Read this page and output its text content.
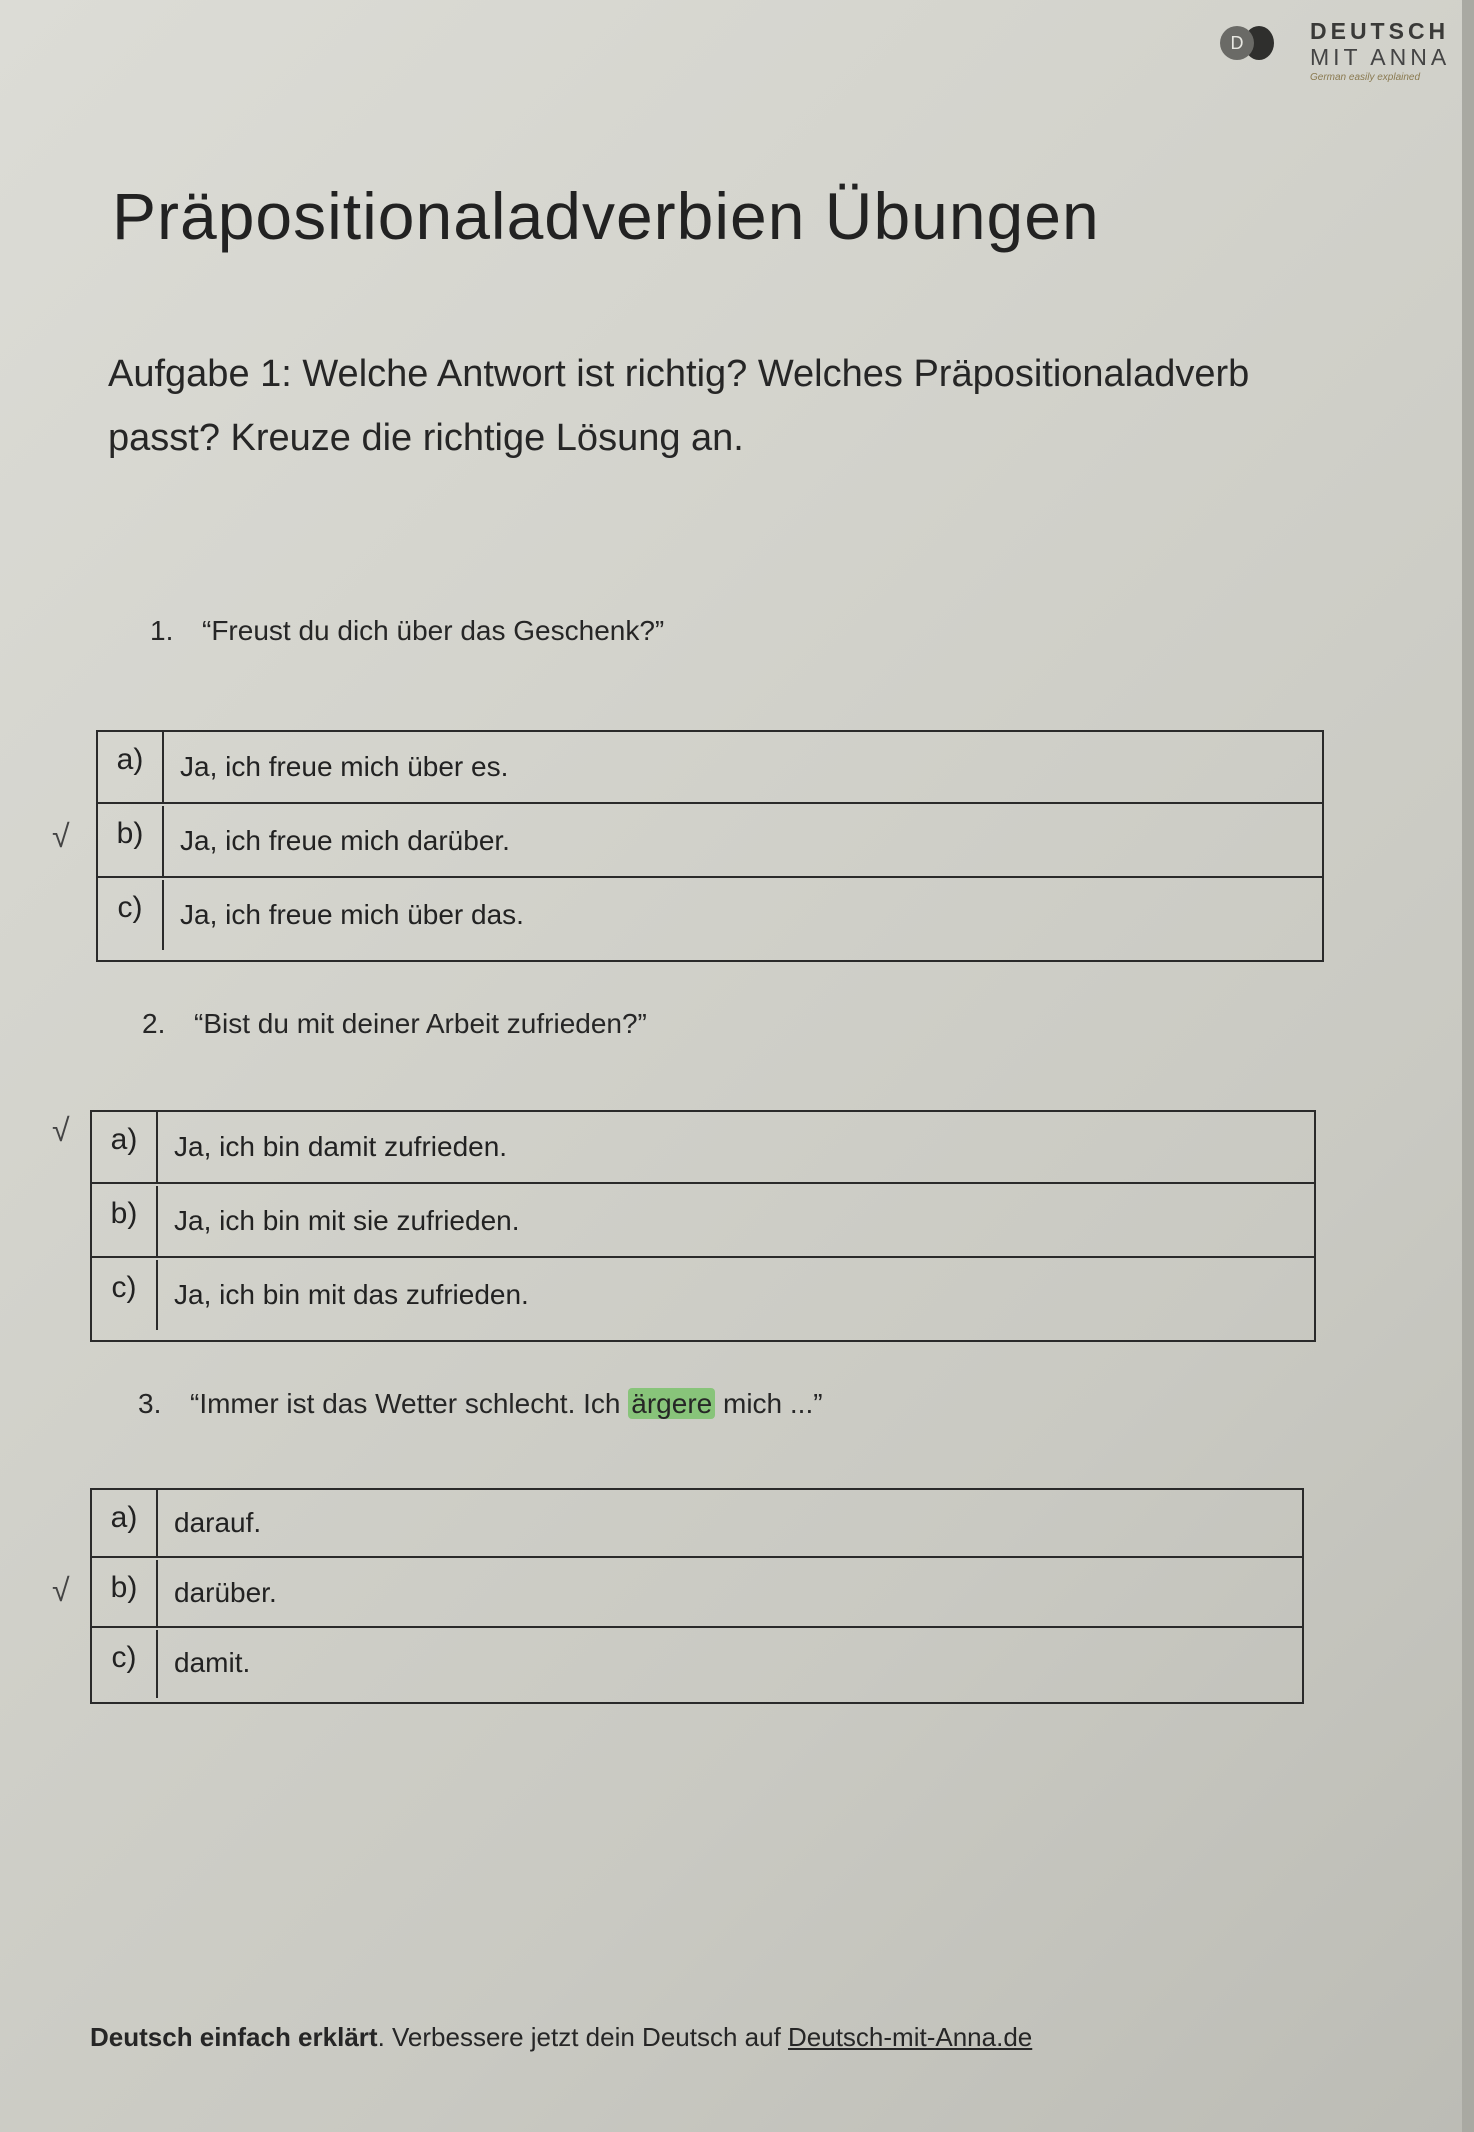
D	DEUTSCH
MIT ANNA
German easily explained
Präpositionaladverbien Übungen

Aufgabe 1: Welche Antwort ist richtig? Welches Präpositionaladverb passt? Kreuze die richtige Lösung an.

1. “Freust du dich über das Geschenk?”
√
a)	Ja, ich freue mich über es.
b)	Ja, ich freue mich darüber.
c)	Ja, ich freue mich über das.
2. “Bist du mit deiner Arbeit zufrieden?”
√	a)	Ja, ich bin damit zufrieden.
b)	Ja, ich bin mit sie zufrieden.
c)	Ja, ich bin mit das zufrieden.
3. “Immer ist das Wetter schlecht. Ich ärgere mich ...”
√
a)	darauf.
b)	darüber.
c)	damit.
Deutsch einfach erklärt. Verbessere jetzt dein Deutsch auf Deutsch-mit-Anna.de
